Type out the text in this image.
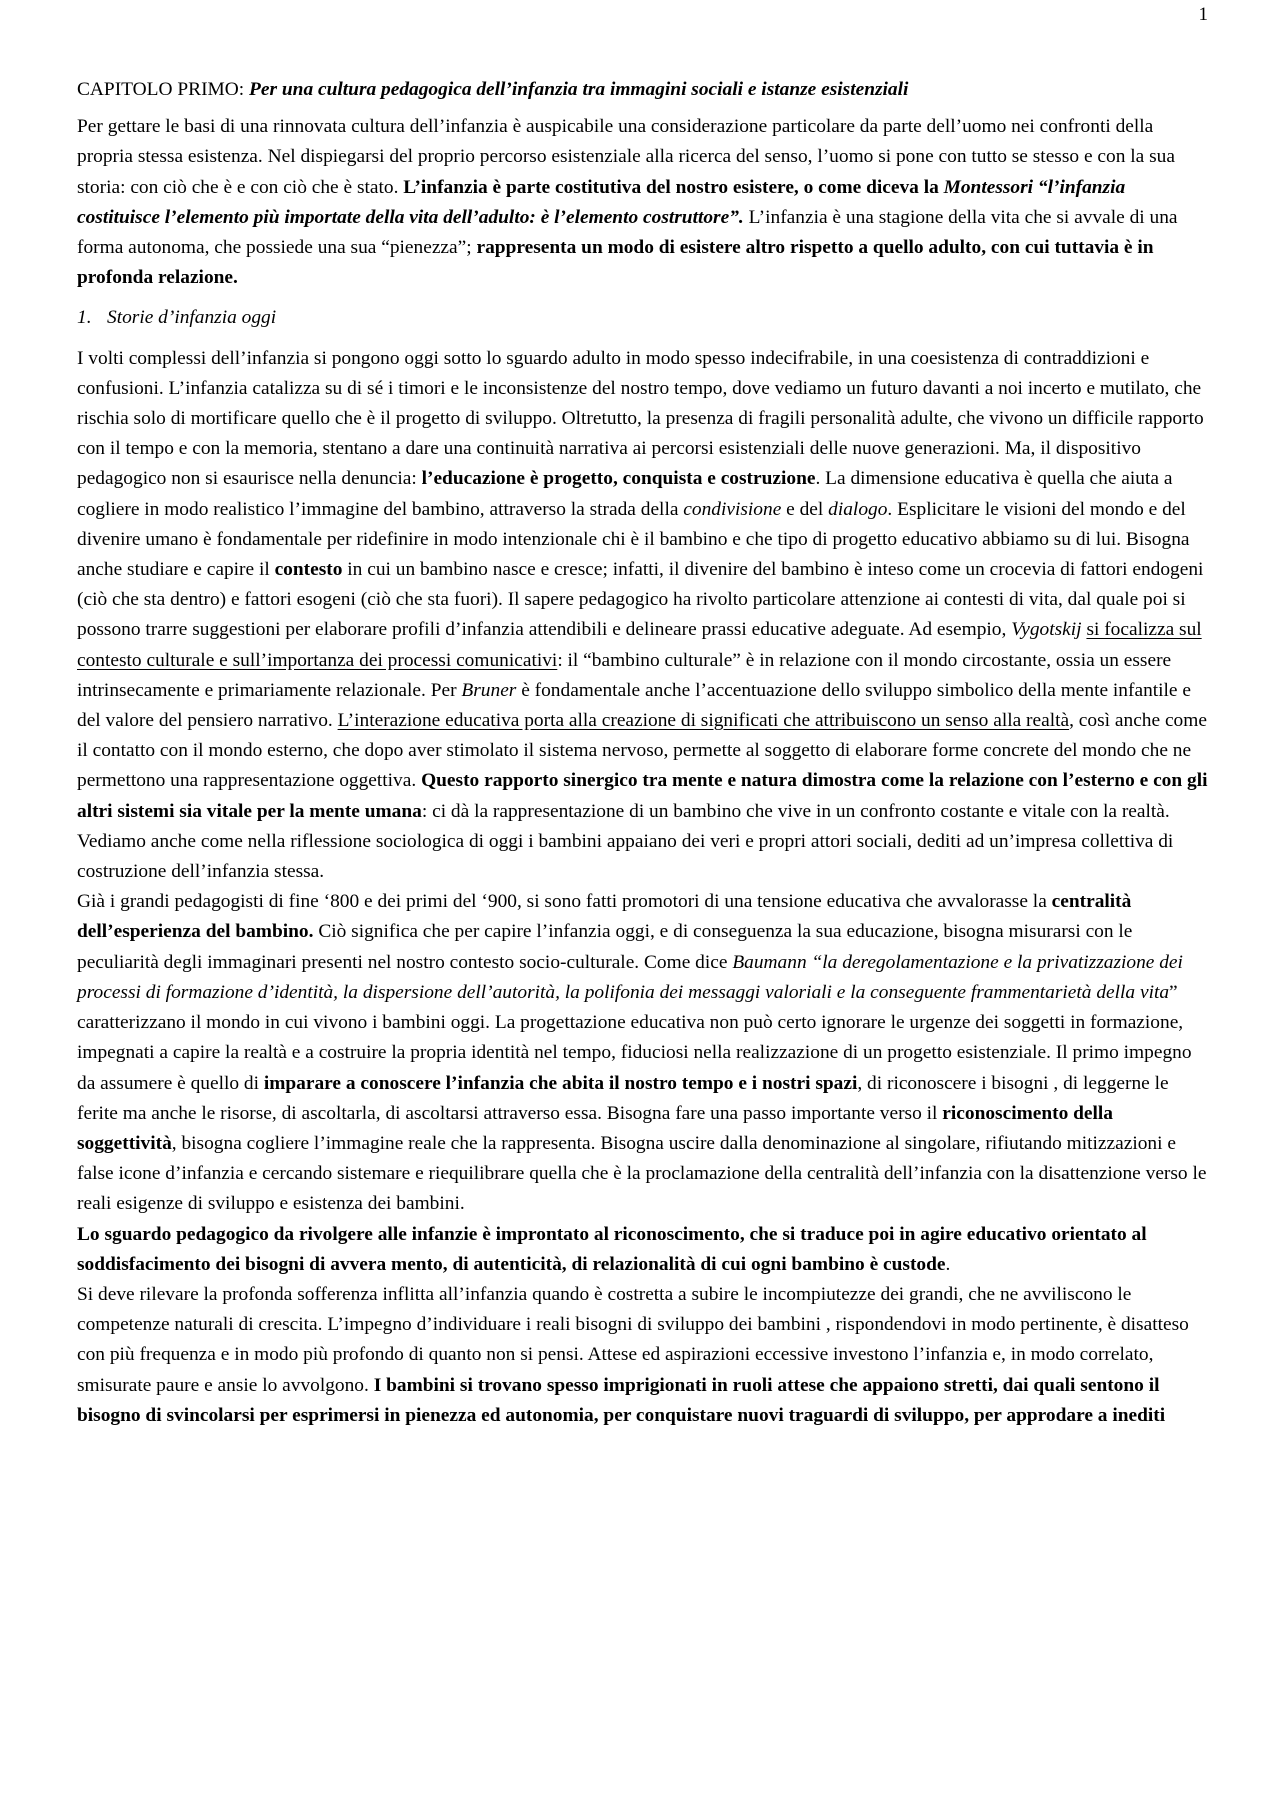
1

CAPITOLO PRIMO: Per una cultura pedagogica dell’infanzia tra immagini sociali e istanze esistenziali

Per gettare le basi di una rinnovata cultura dell’infanzia è auspicabile una considerazione particolare da parte dell’uomo nei confronti della propria stessa esistenza. Nel dispiegarsi del proprio percorso esistenziale alla ricerca del senso, l’uomo si pone con tutto se stesso e con la sua storia: con ciò che è e con ciò che è stato. L’infanzia è parte costitutiva del nostro esistere, o come diceva la Montessori “l’infanzia costituisce l’elemento più importate della vita dell’adulto: è l’elemento costruttore”. L’infanzia è una stagione della vita che si avvale di una forma autonoma, che possiede una sua “pienezza”; rappresenta un modo di esistere altro rispetto a quello adulto, con cui tuttavia è in profonda relazione.

1. Storie d’infanzia oggi

I volti complessi dell’infanzia si pongono oggi sotto lo sguardo adulto in modo spesso indecifrabile, in una coesistenza di contraddizioni e confusioni. L’infanzia catalizza su di sé i timori e le inconsistenze del nostro tempo, dove vediamo un futuro davanti a noi incerto e mutilato, che rischia solo di mortificare quello che è il progetto di sviluppo. Oltretutto, la presenza di fragili personalità adulte, che vivono un difficile rapporto con il tempo e con la memoria, stentano a dare una continuità narrativa ai percorsi esistenziali delle nuove generazioni. Ma, il dispositivo pedagogico non si esaurisce nella denuncia: l’educazione è progetto, conquista e costruzione. La dimensione educativa è quella che aiuta a cogliere in modo realistico l’immagine del bambino, attraverso la strada della condivisione e del dialogo. Esplicitare le visioni del mondo e del divenire umano è fondamentale per ridefinire in modo intenzionale chi è il bambino e che tipo di progetto educativo abbiamo su di lui. Bisogna anche studiare e capire il contesto in cui un bambino nasce e cresce; infatti, il divenire del bambino è inteso come un crocevia di fattori endogeni (ciò che sta dentro) e fattori esogeni (ciò che sta fuori). Il sapere pedagogico ha rivolto particolare attenzione ai contesti di vita, dal quale poi si possono trarre suggestioni per elaborare profili d’infanzia attendibili e delineare prassi educative adeguate. Ad esempio, Vygotskij si focalizza sul contesto culturale e sull’importanza dei processi comunicativi: il “bambino culturale” è in relazione con il mondo circostante, ossia un essere intrinsecamente e primariamente relazionale. Per Bruner è fondamentale anche l’accentuazione dello sviluppo simbolico della mente infantile e del valore del pensiero narrativo. L’interazione educativa porta alla creazione di significati che attribuiscono un senso alla realtà, così anche come il contatto con il mondo esterno, che dopo aver stimolato il sistema nervoso, permette al soggetto di elaborare forme concrete del mondo che ne permettono una rappresentazione oggettiva. Questo rapporto sinergico tra mente e natura dimostra come la relazione con l’esterno e con gli altri sistemi sia vitale per la mente umana: ci dà la rappresentazione di un bambino che vive in un confronto costante e vitale con la realtà. Vediamo anche come nella riflessione sociologica di oggi i bambini appaiano dei veri e propri attori sociali, dediti ad un’impresa collettiva di costruzione dell’infanzia stessa.

Già i grandi pedagogisti di fine ‘800 e dei primi del ‘900, si sono fatti promotori di una tensione educativa che avvalorasse la centralità dell’esperienza del bambino. Ciò significa che per capire l’infanzia oggi, e di conseguenza la sua educazione, bisogna misurarsi con le peculiarità degli immaginari presenti nel nostro contesto socio-culturale. Come dice Baumann “la deregolamentazione e la privatizzazione dei processi di formazione d’identità, la dispersione dell’autorità, la polifonia dei messaggi valoriali e la conseguente frammentarietà della vita” caratterizzano il mondo in cui vivono i bambini oggi. La progettazione educativa non può certo ignorare le urgenze dei soggetti in formazione, impegnati a capire la realtà e a costruire la propria identità nel tempo, fiduciosi nella realizzazione di un progetto esistenziale. Il primo impegno da assumere è quello di imparare a conoscere l’infanzia che abita il nostro tempo e i nostri spazi, di riconoscere i bisogni , di leggerne le ferite ma anche le risorse, di ascoltarla, di ascoltarsi attraverso essa. Bisogna fare una passo importante verso il riconoscimento della soggettività, bisogna cogliere l’immagine reale che la rappresenta. Bisogna uscire dalla denominazione al singolare, rifiutando mitizzazioni e false icone d’infanzia e cercando sistemare e riequilibrare quella che è la proclamazione della centralità dell’infanzia con la disattenzione verso le reali esigenze di sviluppo e esistenza dei bambini.

Lo sguardo pedagogico da rivolgere alle infanzie è improntato al riconoscimento, che si traduce poi in agire educativo orientato al soddisfacimento dei bisogni di avvera mento, di autenticità, di relazionalità di cui ogni bambino è custode.

Si deve rilevare la profonda sofferenza inflitta all’infanzia quando è costretta a subire le incompiutezze dei grandi, che ne avviliscono le competenze naturali di crescita. L’impegno d’individuare i reali bisogni di sviluppo dei bambini , rispondendovi in modo pertinente, è disatteso con più frequenza e in modo più profondo di quanto non si pensi. Attese ed aspirazioni eccessive investono l’infanzia e, in modo correlato, smisurate paure e ansie lo avvolgono. I bambini si trovano spesso imprigionati in ruoli attese che appaiono stretti, dai quali sentono il bisogno di svincolarsi per esprimersi in pienezza ed autonomia, per conquistare nuovi traguardi di sviluppo, per approdare a inediti
